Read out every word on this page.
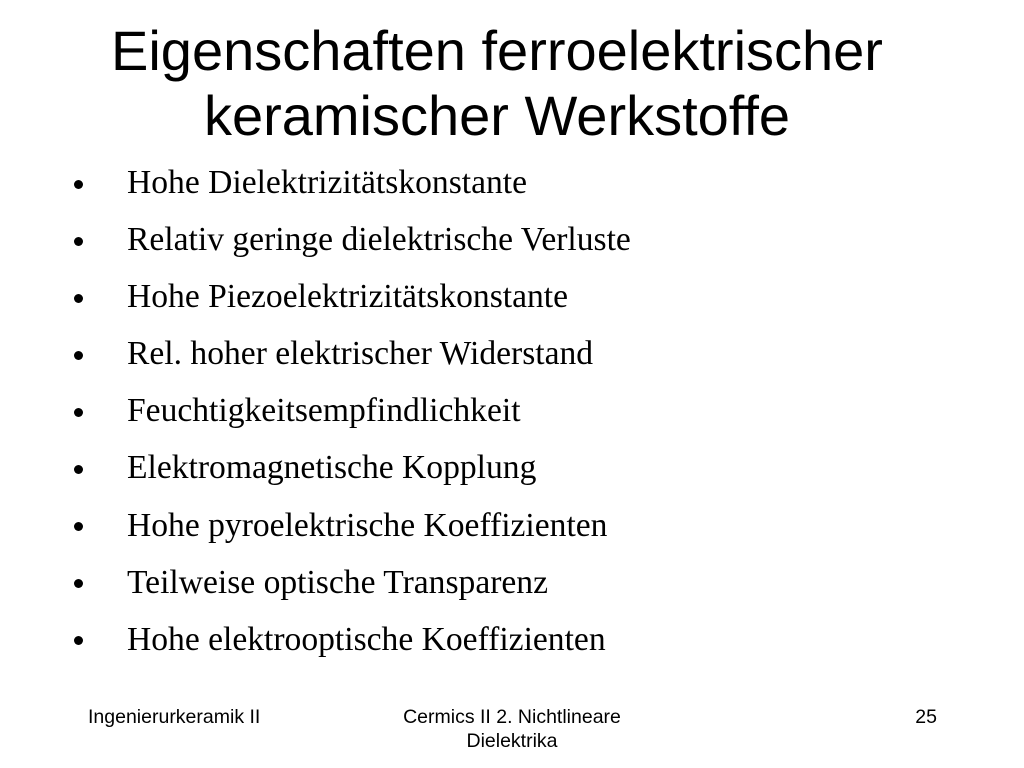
Eigenschaften ferroelektrischer keramischer Werkstoffe
Hohe Dielektrizitätskonstante
Relativ geringe dielektrische Verluste
Hohe Piezoelektrizitätskonstante
Rel. hoher elektrischer Widerstand
Feuchtigkeitsempfindlichkeit
Elektromagnetische Kopplung
Hohe pyroelektrische Koeffizienten
Teilweise optische Transparenz
Hohe elektrooptische Koeffizienten
Ingenierurkeramik II	Cermics II 2. Nichtlineare Dielektrika
25
